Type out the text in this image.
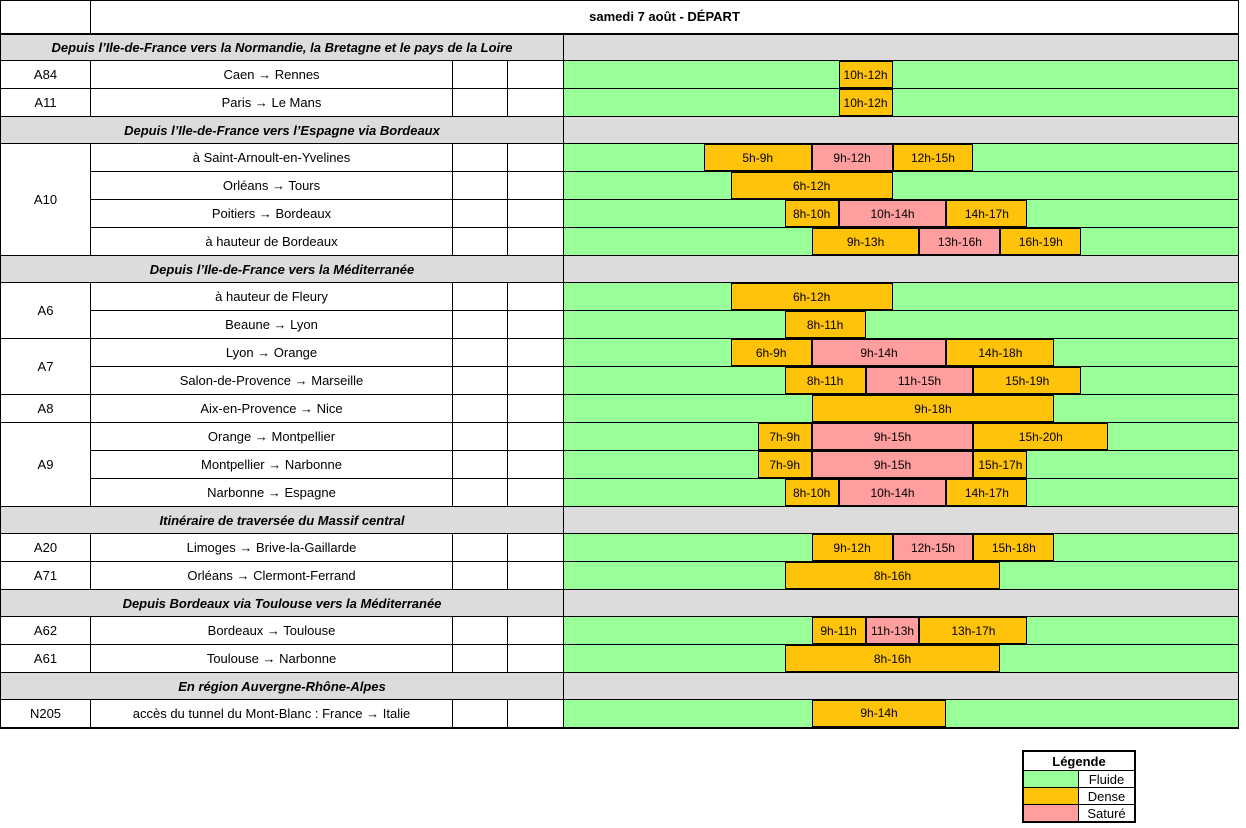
	samedi 7 août - DÉPART			
Depuis l’Ile-de-France vers la Normandie, la Bretagne et le pays de la Loire				
A84	Caen → Rennes			10h-12h

A11	Paris → Le Mans			10h-12h

Depuis l’Ile-de-France vers l’Espagne via Bordeaux				
A10	à Saint-Arnoult-en-Yvelines			5h-9h 9h-12h 12h-15h

	Orléans → Tours			6h-12h

	Poitiers → Bordeaux			8h-10h 10h-14h 14h-17h

	à hauteur de Bordeaux			9h-13h 13h-16h 16h-19h

Depuis l’Ile-de-France vers la Méditerranée				
A6	à hauteur de Fleury			6h-12h

	Beaune → Lyon			8h-11h

A7	Lyon → Orange			6h-9h 9h-14h 14h-18h

	Salon-de-Provence → Marseille			8h-11h 11h-15h 15h-19h

A8	Aix-en-Provence → Nice			9h-18h

A9	Orange → Montpellier			7h-9h 9h-15h 15h-20h

	Montpellier → Narbonne			7h-9h 9h-15h 15h-17h

	Narbonne → Espagne			8h-10h 10h-14h 14h-17h

Itinéraire de traversée du Massif central				
A20	Limoges → Brive-la-Gaillarde			9h-12h 12h-15h 15h-18h

A71	Orléans → Clermont-Ferrand			8h-16h

Depuis Bordeaux via Toulouse vers la Méditerranée				
A62	Bordeaux → Toulouse			9h-11h 11h-13h 13h-17h

A61	Toulouse → Narbonne			8h-16h

En région Auvergne-Rhône-Alpes				
N205	accès du tunnel du Mont-Blanc : France → Italie			9h-14h
Légende	
	Fluide
	Dense
	Saturé
